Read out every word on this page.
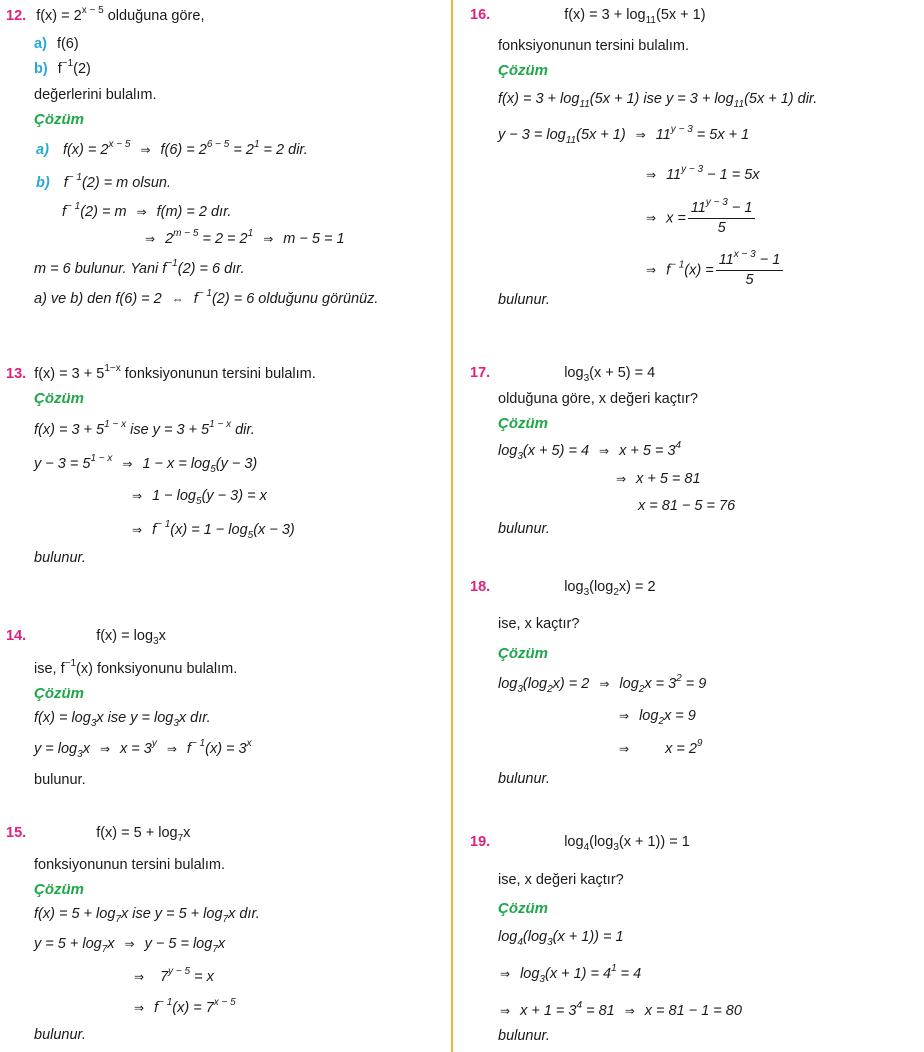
12. $f(x) = 2^{x - 5}$ olduğuna göre,
a) f(6)
b) $f^{-1}(2)$
değerlerini bulalım.
Çözüm
a) $f(x) = 2^{x - 5}$ ⇒ $f(6) = 2^{6 - 5} = 2^1 = 2$ dir.
b) $f^{- 1}(2) = m$ olsun.
$f^{- 1}(2) = m$ ⇒ f(m) = 2 dır.
⇒ $2^{m - 5} = 2 = 2^1$ ⇒ m − 5 = 1
m = 6 bulunur. Yani $f^{-1}(2) = 6$ dır.
a) ve b) den f(6) = 2 ⇔ $f^{- 1}(2) = 6$ olduğunu görünüz.
13. $f(x) = 3 + 5^{1-x}$ fonksiyonunun tersini bulalım.
Çözüm
$f(x) = 3 + 5^{1 - x}$ ise $y = 3 + 5^{1 - x}$ dir.
$y - 3 = 5^{1 - x}$ ⇒ $1 - x = \log_5(y - 3)$
⇒ $1 - \log_5(y - 3) = x$
⇒ $f^{- 1}(x) = 1 - \log_5(x - 3)$
bulunur.
14.	$f(x) = \log_3x$
ise, $f^{-1}(x)$ fonksiyonunu bulalım.
Çözüm
$f(x) = \log_3x$ ise $y = \log_3x$ dır.
$y = \log_3x$ ⇒ $x = 3^y$ ⇒ $f^{- 1}(x) = 3^x$
bulunur.
15.	$f(x) = 5 + \log_7x$
fonksiyonunun tersini bulalım.
Çözüm
$f(x) = 5 + \log_7x$ ise $y = 5 + \log_7x$ dır.
$y = 5 + \log_7x$ ⇒ $y - 5 = \log_7x$
⇒ $7^{y - 5} = x$
⇒ $f^{- 1}(x) = 7^{x - 5}$
bulunur.
16.	$f(x) = 3 + \log_{11}(5x + 1)$
fonksiyonunun tersini bulalım.
Çözüm
$f(x) = 3 + \log_{11}(5x + 1)$ ise $y = 3 + \log_{11}(5x + 1)$ dir.
$y - 3 = \log_{11}(5x + 1)$ ⇒ $11^{y - 3} = 5x + 1$
⇒ $11^{y - 3} - 1 = 5x$
⇒ $x = \frac{11^{y - 3} - 1}{5}$
⇒ $f^{- 1}(x) = \frac{11^{x - 3} - 1}{5}$
bulunur.
17.	$\log_3(x + 5) = 4$
olduğuna göre, x değeri kaçtır?
Çözüm
$\log_3(x + 5) = 4$ ⇒ $x + 5 = 3^4$
⇒ x + 5 = 81
x = 81 − 5 = 76
bulunur.
18.	$\log_3(\log_2x) = 2$
ise, x kaçtır?
Çözüm
$\log_3(\log_2x) = 2$ ⇒ $\log_2x = 3^2 = 9$
⇒ $\log_2x = 9$
⇒ $x = 2^9$
bulunur.
19.	$\log_4(\log_3(x + 1)) = 1$
ise, x değeri kaçtır?
Çözüm
$\log_4(\log_3(x + 1)) = 1$
⇒ $\log_3(x + 1) = 4^1 = 4$
⇒ $x + 1 = 3^4 = 81$ ⇒ x = 81 − 1 = 80
bulunur.
